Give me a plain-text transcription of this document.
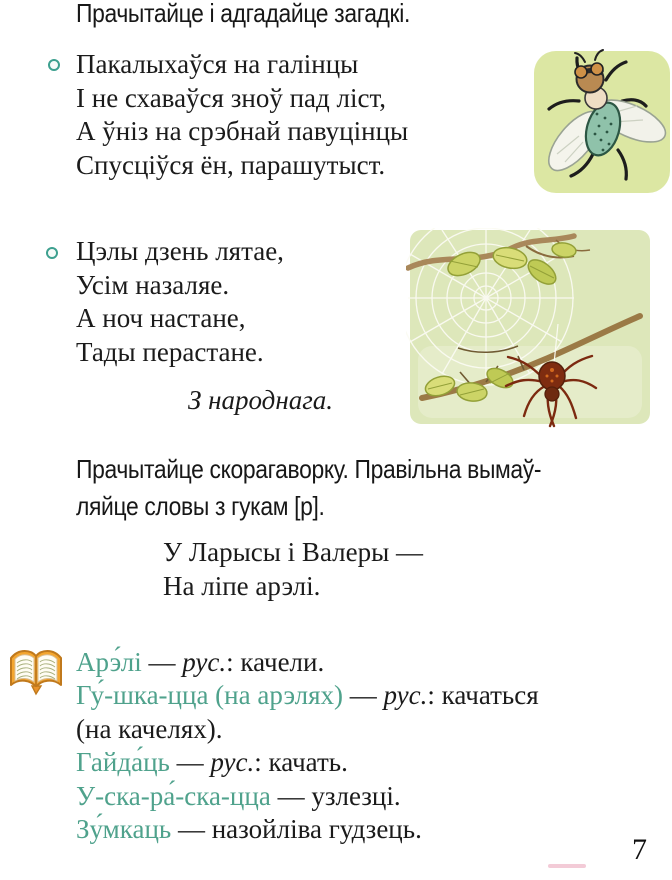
Прачытайце і адгадайце загадкі.
Пакалыхаўся на галінцы
І не схаваўся зноў пад ліст,
А ўніз на срэбнай павуцінцы
Спусціўся ён, парашутыст.
Цэлы дзень лятае,
Усім назаляе.
А ноч настане,
Тады перастане.
З народнага.
Прачытайце скорагаворку. Правільна вымаў-
ляйце словы з гукам [р].
У Ларысы і Валеры —
На ліпе арэлі.
Арэ́лі — рус.: качели.
Гу́-шка-цца (на арэлях) — рус.: качаться
(на качелях).
Гайда́ць — рус.: качать.
У-ска-ра́-ска-цца — узлезці.
Зу́мкаць — назойліва гудзець.
7
